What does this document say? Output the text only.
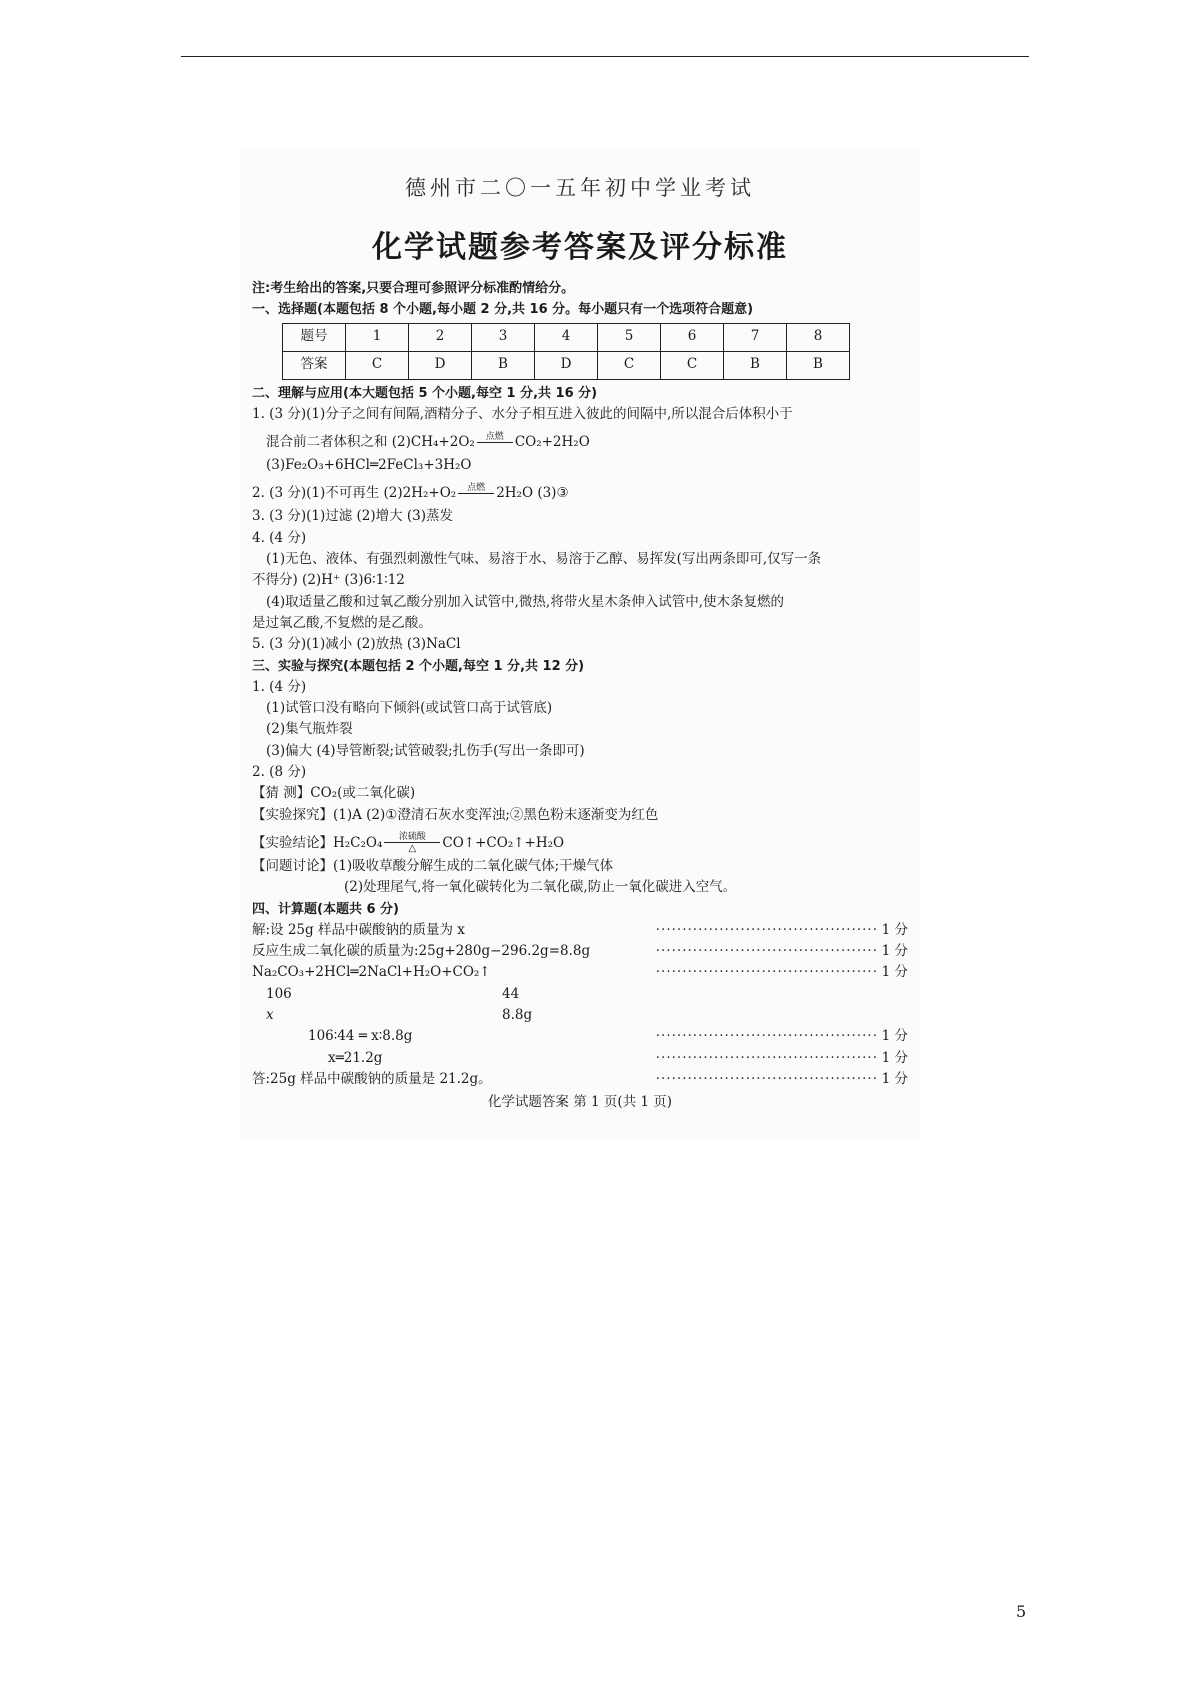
德州市二〇一五年初中学业考试
化学试题参考答案及评分标准
注:考生给出的答案,只要合理可参照评分标准酌情给分。
一、选择题(本题包括 8 个小题,每小题 2 分,共 16 分。每小题只有一个选项符合题意)
题号	1	2	3	4	5	6	7	8
答案	C	D	B	D	C	C	B	B
二、理解与应用(本大题包括 5 个小题,每空 1 分,共 16 分)
1. (3 分)(1)分子之间有间隔,酒精分子、水分子相互进入彼此的间隔中,所以混合后体积小于
混合前二者体积之和 (2)CH₄+2O₂	点燃
CO₂+2H₂O
(3)Fe₂O₃+6HCl═2FeCl₃+3H₂O
2. (3 分)(1)不可再生 (2)2H₂+O₂	点燃
2H₂O (3)③
3. (3 分)(1)过滤 (2)增大 (3)蒸发
4. (4 分)
(1)无色、液体、有强烈刺激性气味、易溶于水、易溶于乙醇、易挥发(写出两条即可,仅写一条
不得分) (2)H⁺ (3)6∶1∶12
(4)取适量乙酸和过氧乙酸分别加入试管中,微热,将带火星木条伸入试管中,使木条复燃的
是过氧乙酸,不复燃的是乙酸。
5. (3 分)(1)减小 (2)放热 (3)NaCl
三、实验与探究(本题包括 2 个小题,每空 1 分,共 12 分)
1. (4 分)
(1)试管口没有略向下倾斜(或试管口高于试管底)
(2)集气瓶炸裂
(3)偏大 (4)导管断裂;试管破裂;扎伤手(写出一条即可)
2. (8 分)
【猜 测】CO₂(或二氧化碳)
【实验探究】(1)A (2)①澄清石灰水变浑浊;②黑色粉末逐渐变为红色
【实验结论】H₂C₂O₄	浓硫酸
△	CO↑+CO₂↑+H₂O
【问题讨论】(1)吸收草酸分解生成的二氧化碳气体;干燥气体
(2)处理尾气,将一氧化碳转化为二氧化碳,防止一氧化碳进入空气。
四、计算题(本题共 6 分)
解:设 25g 样品中碳酸钠的质量为 x	·········································· 1 分
反应生成二氧化碳的质量为:25g+280g−296.2g=8.8g	·········································· 1 分
Na₂CO₃+2HCl═2NaCl+H₂O+CO₂↑	·········································· 1 分
106	44
x	8.8g
106∶44 ═ x∶8.8g	·········································· 1 分
x═21.2g	·········································· 1 分
答:25g 样品中碳酸钠的质量是 21.2g。	·········································· 1 分
化学试题答案 第 1 页(共 1 页)
5
